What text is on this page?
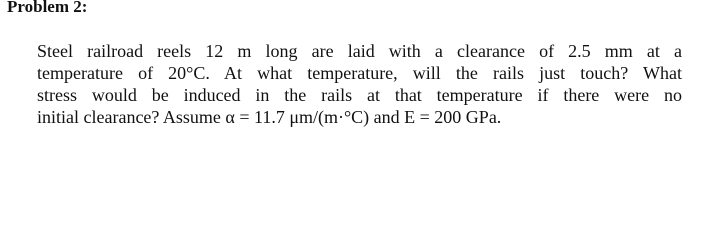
Problem 2:
Steel railroad reels 12 m long are laid with a clearance of 2.5 mm at a
temperature of 20°C. At what temperature, will the rails just touch? What
stress would be induced in the rails at that temperature if there were no
initial clearance? Assume α = 11.7 μm/(m·°C) and E = 200 GPa.
